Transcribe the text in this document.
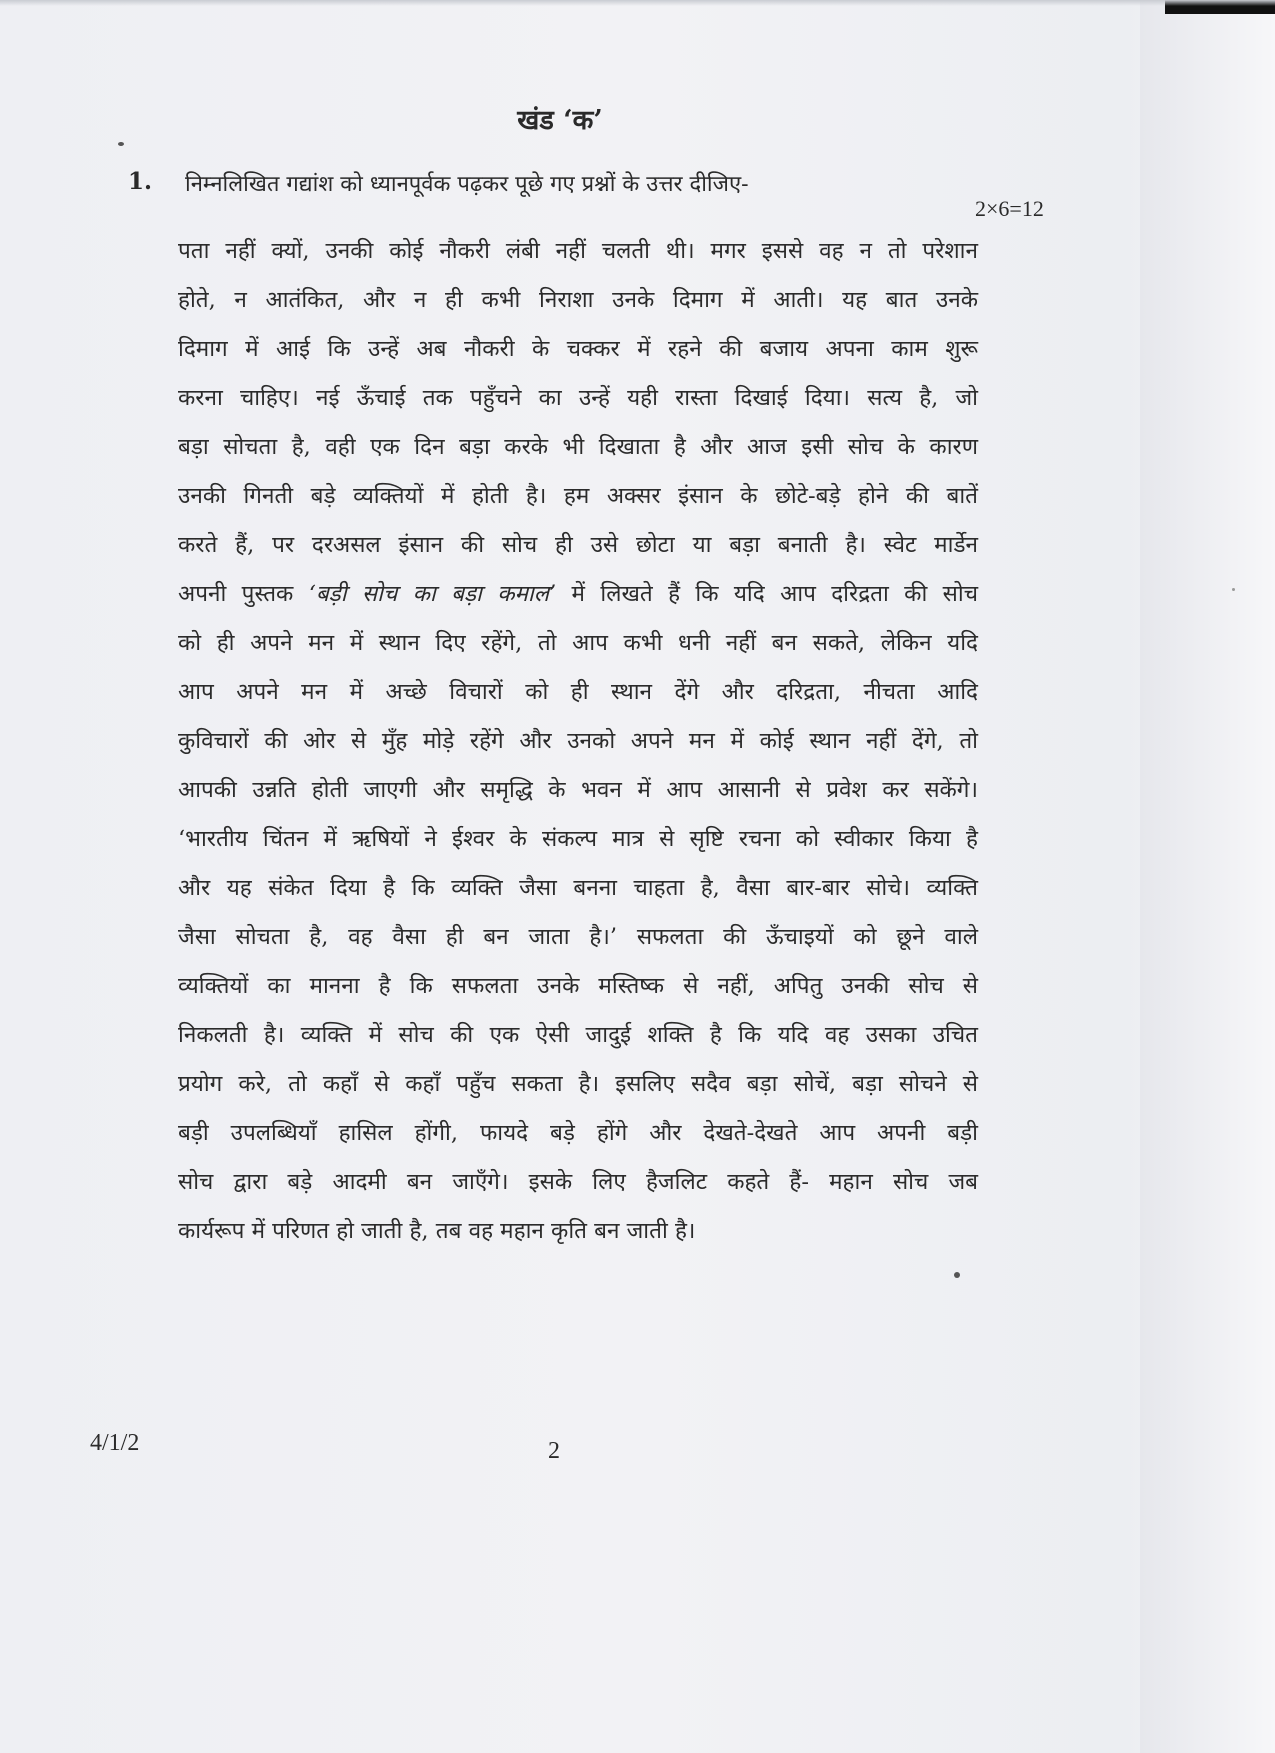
खंड ‘क’
1. निम्नलिखित गद्यांश को ध्यानपूर्वक पढ़कर पूछे गए प्रश्नों के उत्तर दीजिए-
2×6=12
पता नहीं क्यों, उनकी कोई नौकरी लंबी नहीं चलती थी। मगर इससे वह न तो परेशान
होते, न आतंकित, और न ही कभी निराशा उनके दिमाग में आती। यह बात उनके
दिमाग में आई कि उन्हें अब नौकरी के चक्कर में रहने की बजाय अपना काम शुरू
करना चाहिए। नई ऊँचाई तक पहुँचने का उन्हें यही रास्ता दिखाई दिया। सत्य है, जो
बड़ा सोचता है, वही एक दिन बड़ा करके भी दिखाता है और आज इसी सोच के कारण
उनकी गिनती बड़े व्यक्तियों में होती है। हम अक्सर इंसान के छोटे-बड़े होने की बातें
करते हैं, पर दरअसल इंसान की सोच ही उसे छोटा या बड़ा बनाती है। स्वेट मार्डेन
अपनी पुस्तक ‘बड़ी सोच का बड़ा कमाल’ में लिखते हैं कि यदि आप दरिद्रता की सोच
को ही अपने मन में स्थान दिए रहेंगे, तो आप कभी धनी नहीं बन सकते, लेकिन यदि
आप अपने मन में अच्छे विचारों को ही स्थान देंगे और दरिद्रता, नीचता आदि
कुविचारों की ओर से मुँह मोड़े रहेंगे और उनको अपने मन में कोई स्थान नहीं देंगे, तो
आपकी उन्नति होती जाएगी और समृद्धि के भवन में आप आसानी से प्रवेश कर सकेंगे।
‘भारतीय चिंतन में ऋषियों ने ईश्वर के संकल्प मात्र से सृष्टि रचना को स्वीकार किया है
और यह संकेत दिया है कि व्यक्ति जैसा बनना चाहता है, वैसा बार-बार सोचे। व्यक्ति
जैसा सोचता है, वह वैसा ही बन जाता है।’ सफलता की ऊँचाइयों को छूने वाले
व्यक्तियों का मानना है कि सफलता उनके मस्तिष्क से नहीं, अपितु उनकी सोच से
निकलती है। व्यक्ति में सोच की एक ऐसी जादुई शक्ति है कि यदि वह उसका उचित
प्रयोग करे, तो कहाँ से कहाँ पहुँच सकता है। इसलिए सदैव बड़ा सोचें, बड़ा सोचने से
बड़ी उपलब्धियाँ हासिल होंगी, फायदे बड़े होंगे और देखते-देखते आप अपनी बड़ी
सोच द्वारा बड़े आदमी बन जाएँगे। इसके लिए हैजलिट कहते हैं- महान सोच जब
कार्यरूप में परिणत हो जाती है, तब वह महान कृति बन जाती है।
4/1/2	2
